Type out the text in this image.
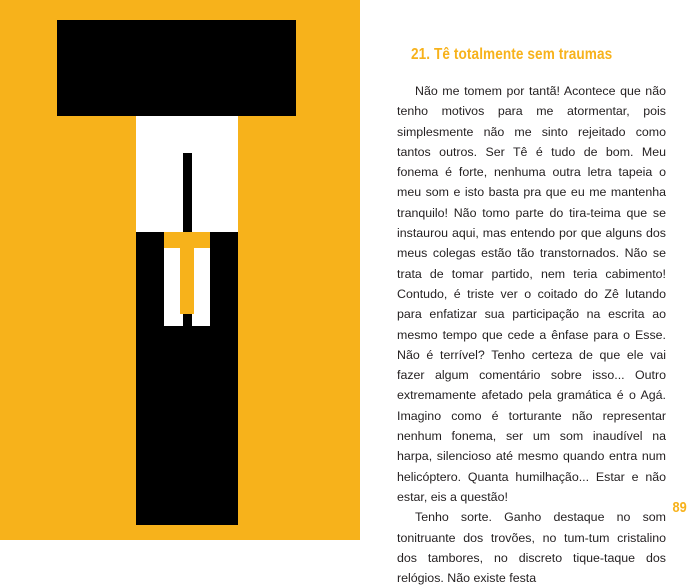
21. Tê totalmente sem traumas

Não me tomem por tantã! Acontece que não tenho motivos para me atormentar, pois simplesmente não me sinto rejeitado como tantos outros. Ser Tê é tudo de bom. Meu fonema é forte, nenhuma outra letra tapeia o meu som e isto basta pra que eu me mantenha tranquilo! Não tomo parte do tira-teima que se instaurou aqui, mas entendo por que alguns dos meus colegas estão tão transtornados. Não se trata de tomar partido, nem teria cabimento! Contudo, é triste ver o coitado do Zê lutando para enfatizar sua participação na escrita ao mesmo tempo que cede a ênfase para o Esse. Não é terrível? Tenho certeza de que ele vai fazer algum comentário sobre isso... Outro extremamente afetado pela gramática é o Agá. Imagino como é torturante não representar nenhum fonema, ser um som inaudível na harpa, silencioso até mesmo quando entra num helicóptero. Quanta humilhação... Estar e não estar, eis a questão!

Tenho sorte. Ganho destaque no som tonitruante dos trovões, no tum-tum cristalino dos tambores, no discreto tique-taque dos relógios. Não existe festa

89
